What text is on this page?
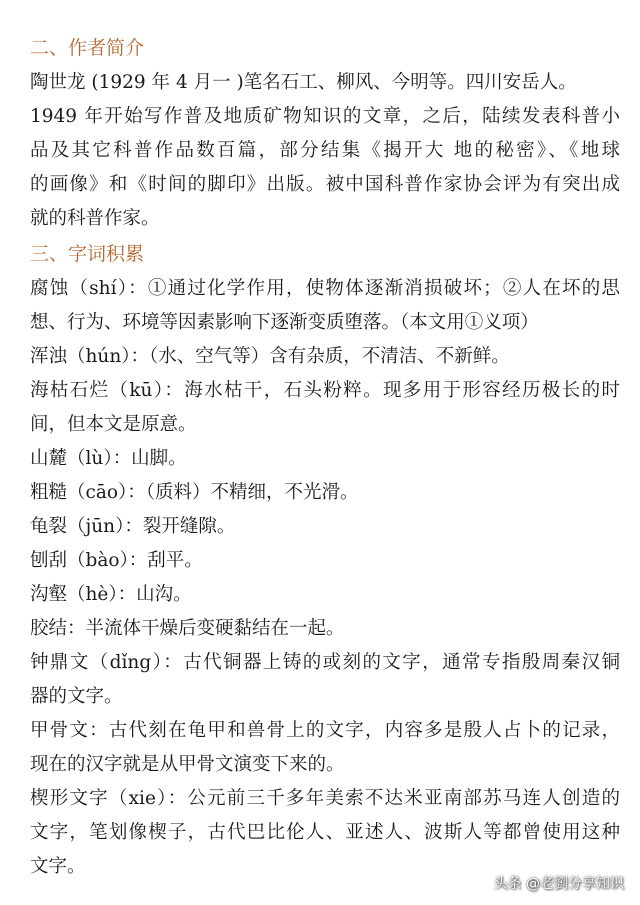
二、作者简介
陶世龙 (1929 年 4 月一 )笔名石工、柳风、今明等。四川安岳人。
1949 年开始写作普及地质矿物知识的文章，之后，陆续发表科普小
品及其它科普作品数百篇，部分结集《揭开大 地的秘密》、《地球
的画像》和《时间的脚印》出版。被中国科普作家协会评为有突出成
就的科普作家。
三、字词积累
腐蚀（shí）：①通过化学作用，使物体逐渐消损破坏；②人在坏的思
想、行为、环境等因素影响下逐渐变质堕落。（本文用①义项）
浑浊（hún）：（水、空气等）含有杂质，不清洁、不新鲜。
海枯石烂（kū）：海水枯干，石头粉粹。现多用于形容经历极长的时
间，但本文是原意。
山麓（lù）：山脚。
粗糙（cāo）：（质料）不精细，不光滑。
龟裂（jūn）：裂开缝隙。
刨刮（bào）：刮平。
沟壑（hè）：山沟。
胶结：半流体干燥后变硬黏结在一起。
钟鼎文（dǐng）：古代铜器上铸的或刻的文字，通常专指殷周秦汉铜
器的文字。
甲骨文：古代刻在龟甲和兽骨上的文字，内容多是殷人占卜的记录，
现在的汉字就是从甲骨文演变下来的。
楔形文字（xie）：公元前三千多年美索不达米亚南部苏马连人创造的
文字，笔划像楔子，古代巴比伦人、亚述人、波斯人等都曾使用这种
文字。
头条 @老劉分享知识
